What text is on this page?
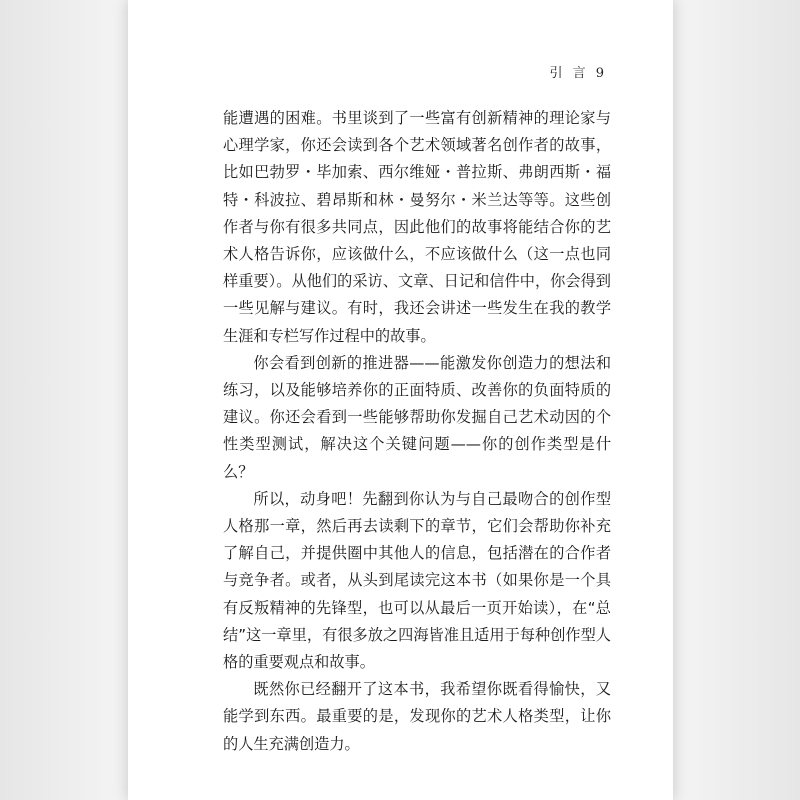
引 言 9

能遭遇的困难。书里谈到了一些富有创新精神的理论家与心理学家，你还会读到各个艺术领域著名创作者的故事，比如巴勃罗・毕加索、西尔维娅・普拉斯、弗朗西斯・福特・科波拉、碧昂斯和林・曼努尔・米兰达等等。这些创作者与你有很多共同点，因此他们的故事将能结合你的艺术人格告诉你，应该做什么，不应该做什么（这一点也同样重要）。从他们的采访、文章、日记和信件中，你会得到一些见解与建议。有时，我还会讲述一些发生在我的教学生涯和专栏写作过程中的故事。

你会看到创新的推进器——能激发你创造力的想法和练习，以及能够培养你的正面特质、改善你的负面特质的建议。你还会看到一些能够帮助你发掘自己艺术动因的个性类型测试，解决这个关键问题——你的创作类型是什么？

所以，动身吧！先翻到你认为与自己最吻合的创作型人格那一章，然后再去读剩下的章节，它们会帮助你补充了解自己，并提供圈中其他人的信息，包括潜在的合作者与竞争者。或者，从头到尾读完这本书（如果你是一个具有反叛精神的先锋型，也可以从最后一页开始读），在“总结”这一章里，有很多放之四海皆准且适用于每种创作型人格的重要观点和故事。

既然你已经翻开了这本书，我希望你既看得愉快，又能学到东西。最重要的是，发现你的艺术人格类型，让你的人生充满创造力。
